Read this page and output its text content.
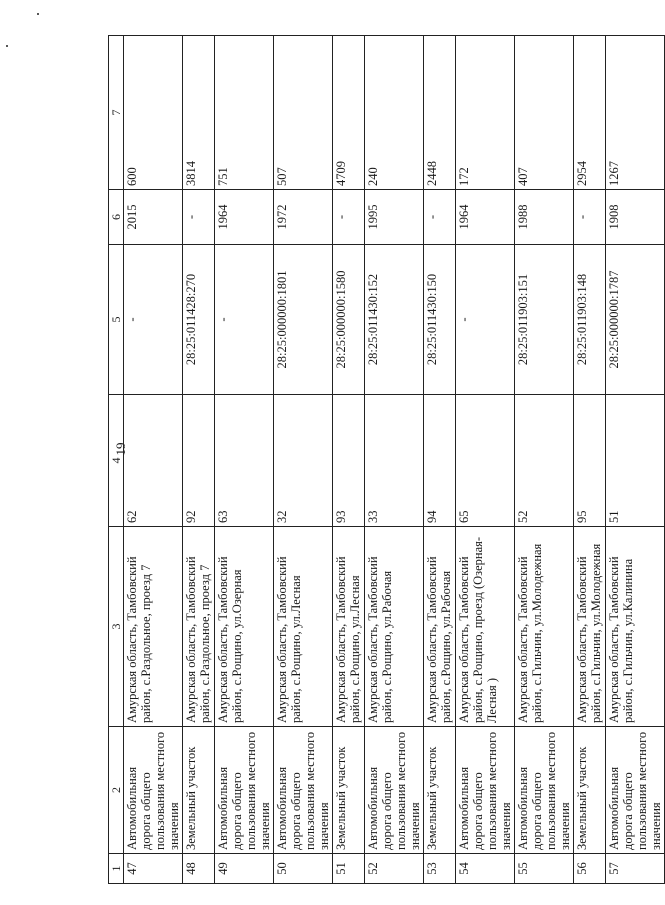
19
1	2	3	4	5	6	7
47	Автомобильная дорога общего пользования местного значения	Амурская область, Тамбовский район, с.Раздольное, проезд 7	62	-	2015	600
48	Земельный участок	Амурская область, Тамбовский район, с.Раздольное, проезд 7	92	28:25:011428:270	-	3814
49	Автомобильная дорога общего пользования местного значения	Амурская область, Тамбовский район, с.Рощино, ул.Озерная	63	-	1964	751
50	Автомобильная дорога общего пользования местного значения	Амурская область, Тамбовский район, с.Рощино, ул.Лесная	32	28:25:000000:1801	1972	507
51	Земельный участок	Амурская область, Тамбовский район, с.Рощино, ул.Лесная	93	28:25:000000:1580	-	4709
52	Автомобильная дорога общего пользования местного значения	Амурская область, Тамбовский район, с.Рощино, ул.Рабочая	33	28:25:011430:152	1995	240
53	Земельный участок	Амурская область, Тамбовский район, с.Рощино, ул.Рабочая	94	28:25:011430:150	-	2448
54	Автомобильная дорога общего пользования местного значения	Амурская область, Тамбовский район, с.Рощино, проезд (Озерная-Лесная )	65	-	1964	172
55	Автомобильная дорога общего пользования местного значения	Амурская область, Тамбовский район, с.Гильчин, ул.Молодежная	52	28:25:011903:151	1988	407
56	Земельный участок	Амурская область, Тамбовский район, с.Гильчин, ул.Молодежная	95	28:25:011903:148	-	2954
57	Автомобильная дорога общего пользования местного значения	Амурская область, Тамбовский район, с.Гильчин, ул.Калинина	51	28:25:000000:1787	1908	1267
